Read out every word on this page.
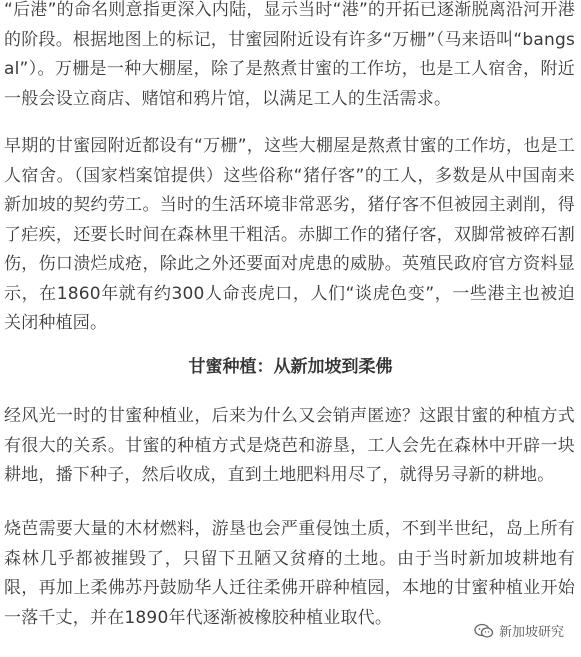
“后港”的命名则意指更深入内陆，显示当时“港”的开拓已逐渐脱离沿河开港的阶段。根据地图上的标记，甘蜜园附近设有许多“万栅”（马来语叫“bangsal”）。万栅是一种大棚屋，除了是熬煮甘蜜的工作坊，也是工人宿舍，附近一般会设立商店、赌馆和鸦片馆，以满足工人的生活需求。

早期的甘蜜园附近都设有“万栅”，这些大棚屋是熬煮甘蜜的工作坊，也是工人宿舍。（国家档案馆提供）这些俗称“猪仔客”的工人，多数是从中国南来新加坡的契约劳工。当时的生活环境非常恶劣，猪仔客不但被园主剥削，得了疟疾，还要长时间在森林里干粗活。赤脚工作的猪仔客，双脚常被碎石割伤，伤口溃烂成疮，除此之外还要面对虎患的威胁。英殖民政府官方资料显示，在1860年就有约300人命丧虎口，人们“谈虎色变”，一些港主也被迫关闭种植园。

甘蜜种植：从新加坡到柔佛

经风光一时的甘蜜种植业，后来为什么又会销声匿迹？这跟甘蜜的种植方式有很大的关系。甘蜜的种植方式是烧芭和游垦，工人会先在森林中开辟一块耕地，播下种子，然后收成，直到土地肥料用尽了，就得另寻新的耕地。

烧芭需要大量的木材燃料，游垦也会严重侵蚀土质，不到半世纪，岛上所有森林几乎都被摧毁了，只留下丑陋又贫瘠的土地。由于当时新加坡耕地有限，再加上柔佛苏丹鼓励华人迁往柔佛开辟种植园，本地的甘蜜种植业开始一落千丈，并在1890年代逐渐被橡胶种植业取代。

新加坡研究
